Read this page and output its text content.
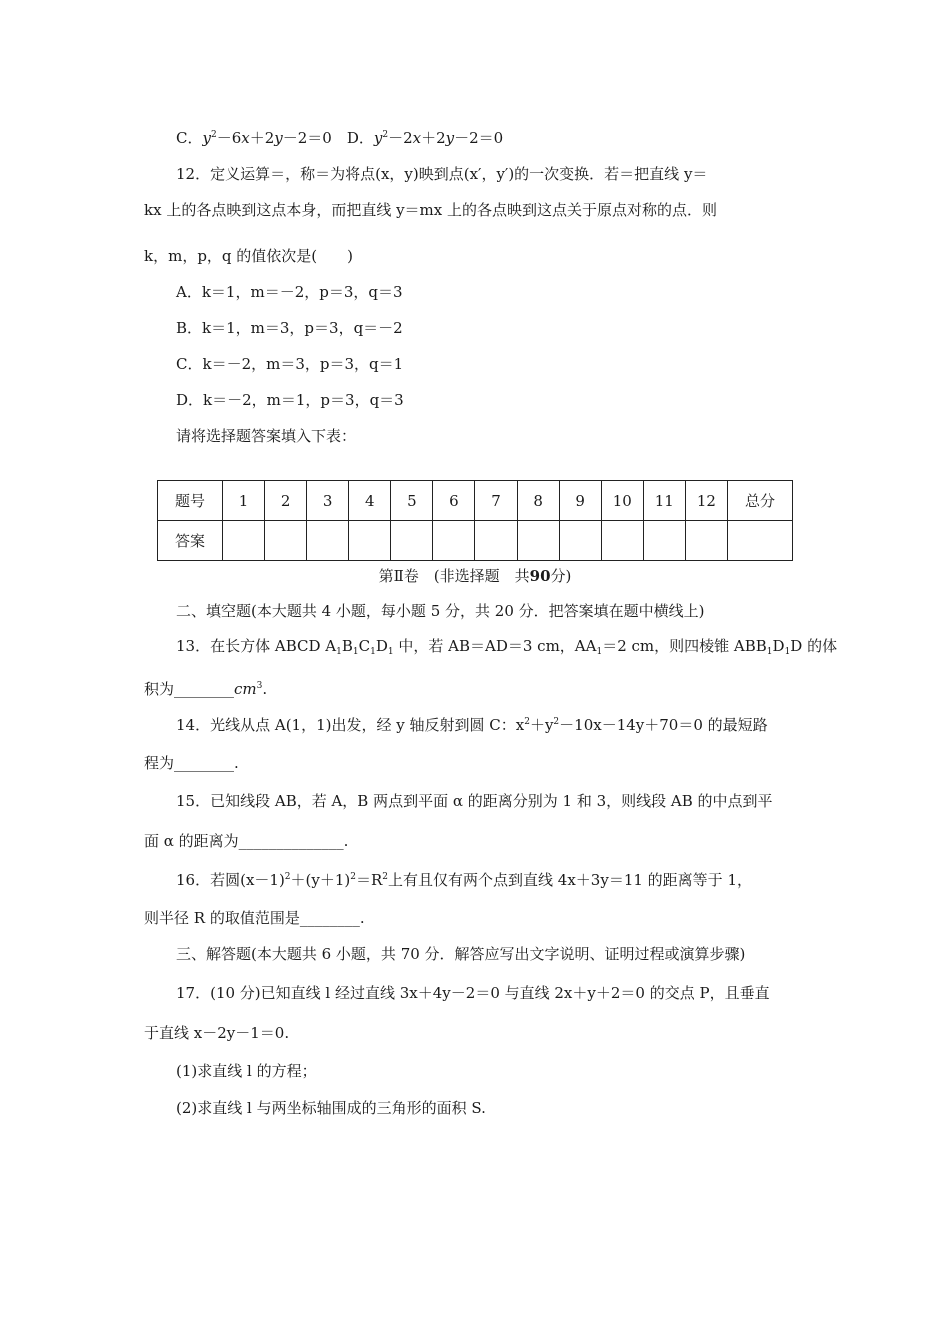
C．$y^2-6x+2y-2=0$　D．$y^2-2x+2y-2=0$
12．定义运算＝，称＝为将点(x，y)映到点(x′，y′)的一次变换．若＝把直线 y＝
kx 上的各点映到这点本身，而把直线 y＝mx 上的各点映到这点关于原点对称的点．则
k，m，p，q 的值依次是(　　)
A．k＝1，m＝－2，p＝3，q＝3
B．k＝1，m＝3，p＝3，q＝－2
C．k＝－2，m＝3，p＝3，q＝1
D．k＝－2，m＝1，p＝3，q＝3
请将选择题答案填入下表：
题号	1	2	3	4	5	6	7	8	9	10	11	12	总分
答案													
第Ⅱ卷　(非选择题　共90分)
二、填空题(本大题共 4 小题，每小题 5 分，共 20 分．把答案填在题中横线上)
13．在长方体 ABCD $A_1B_1C_1D_1$ 中，若 AB＝AD＝3 cm，$AA_1=2$ cm，则四棱锥 $ABB_1D_1D$ 的体
积为$\_\_\_\_\_\_\_\_cm^3$.
14．光线从点 A(1，1)出发，经 y 轴反射到圆 C：$x^2+y^2-10x-14y+70=0$ 的最短路
程为________.
15．已知线段 AB，若 A，B 两点到平面 α 的距离分别为 1 和 3，则线段 AB 的中点到平
面 α 的距离为______________.
16．若圆$(x-1)^2+(y+1)^2=R^2$上有且仅有两个点到直线 4x＋3y＝11 的距离等于 1，
则半径 R 的取值范围是________.
三、解答题(本大题共 6 小题，共 70 分．解答应写出文字说明、证明过程或演算步骤)
17．(10 分)已知直线 l 经过直线 3x＋4y－2＝0 与直线 2x＋y＋2＝0 的交点 P，且垂直
于直线 x－2y－1＝0.
(1)求直线 l 的方程；
(2)求直线 l 与两坐标轴围成的三角形的面积 S.
